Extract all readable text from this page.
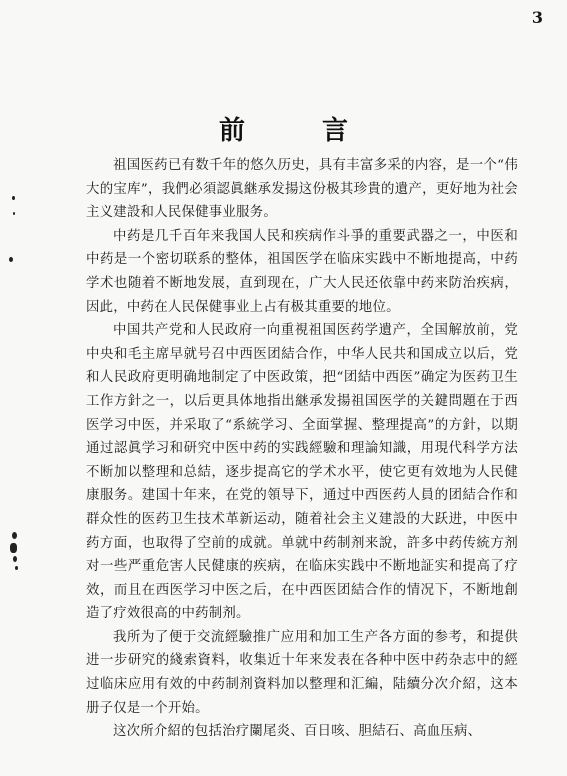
3
前 言

祖国医药已有数千年的悠久历史，具有丰富多采的内容，是一个“伟大的宝库”，我們必須認眞継承发揚这份极其珍貴的遺产，更好地为社会主义建設和人民保健事业服务。

中药是几千百年来我国人民和疾病作斗爭的重要武器之一，中医和中药是一个密切联系的整体，祖国医学在临床实践中不断地提高，中药学术也随着不断地发展，直到现在，广大人民还依靠中药来防治疾病，因此，中药在人民保健事业上占有极其重要的地位。

中国共产党和人民政府一向重視祖国医药学遺产，全国解放前，党中央和毛主席早就号召中西医团結合作，中华人民共和国成立以后，党和人民政府更明确地制定了中医政策，把“团結中西医”确定为医药卫生工作方針之一，以后更具体地指出継承发揚祖国医学的关鍵問題在于西医学习中医，并采取了“系統学习、全面掌握、整理提高”的方針，以期通过認眞学习和研究中医中药的实践經驗和理論知識，用現代科学方法不断加以整理和总結，逐步提高它的学术水平，使它更有效地为人民健康服务。建国十年来，在党的領导下，通过中西医药人員的团結合作和群众性的医药卫生技术革新运动，随着社会主义建設的大跃进，中医中药方面，也取得了空前的成就。单就中药制剂来說，許多中药传統方剂对一些严重危害人民健康的疾病，在临床实践中不断地証实和提高了疗效，而且在西医学习中医之后，在中西医团結合作的情况下，不断地創造了疗效很高的中药制剂。

我所为了便于交流經驗推广应用和加工生产各方面的参考，和提供进一步研究的綫索資料，收集近十年来发表在各种中医中药杂志中的經过临床应用有效的中药制剂資料加以整理和汇編，陆續分次介紹，这本册子仅是一个开始。

这次所介紹的包括治疗闌尾炎、百日咳、胆結石、高血压病、
